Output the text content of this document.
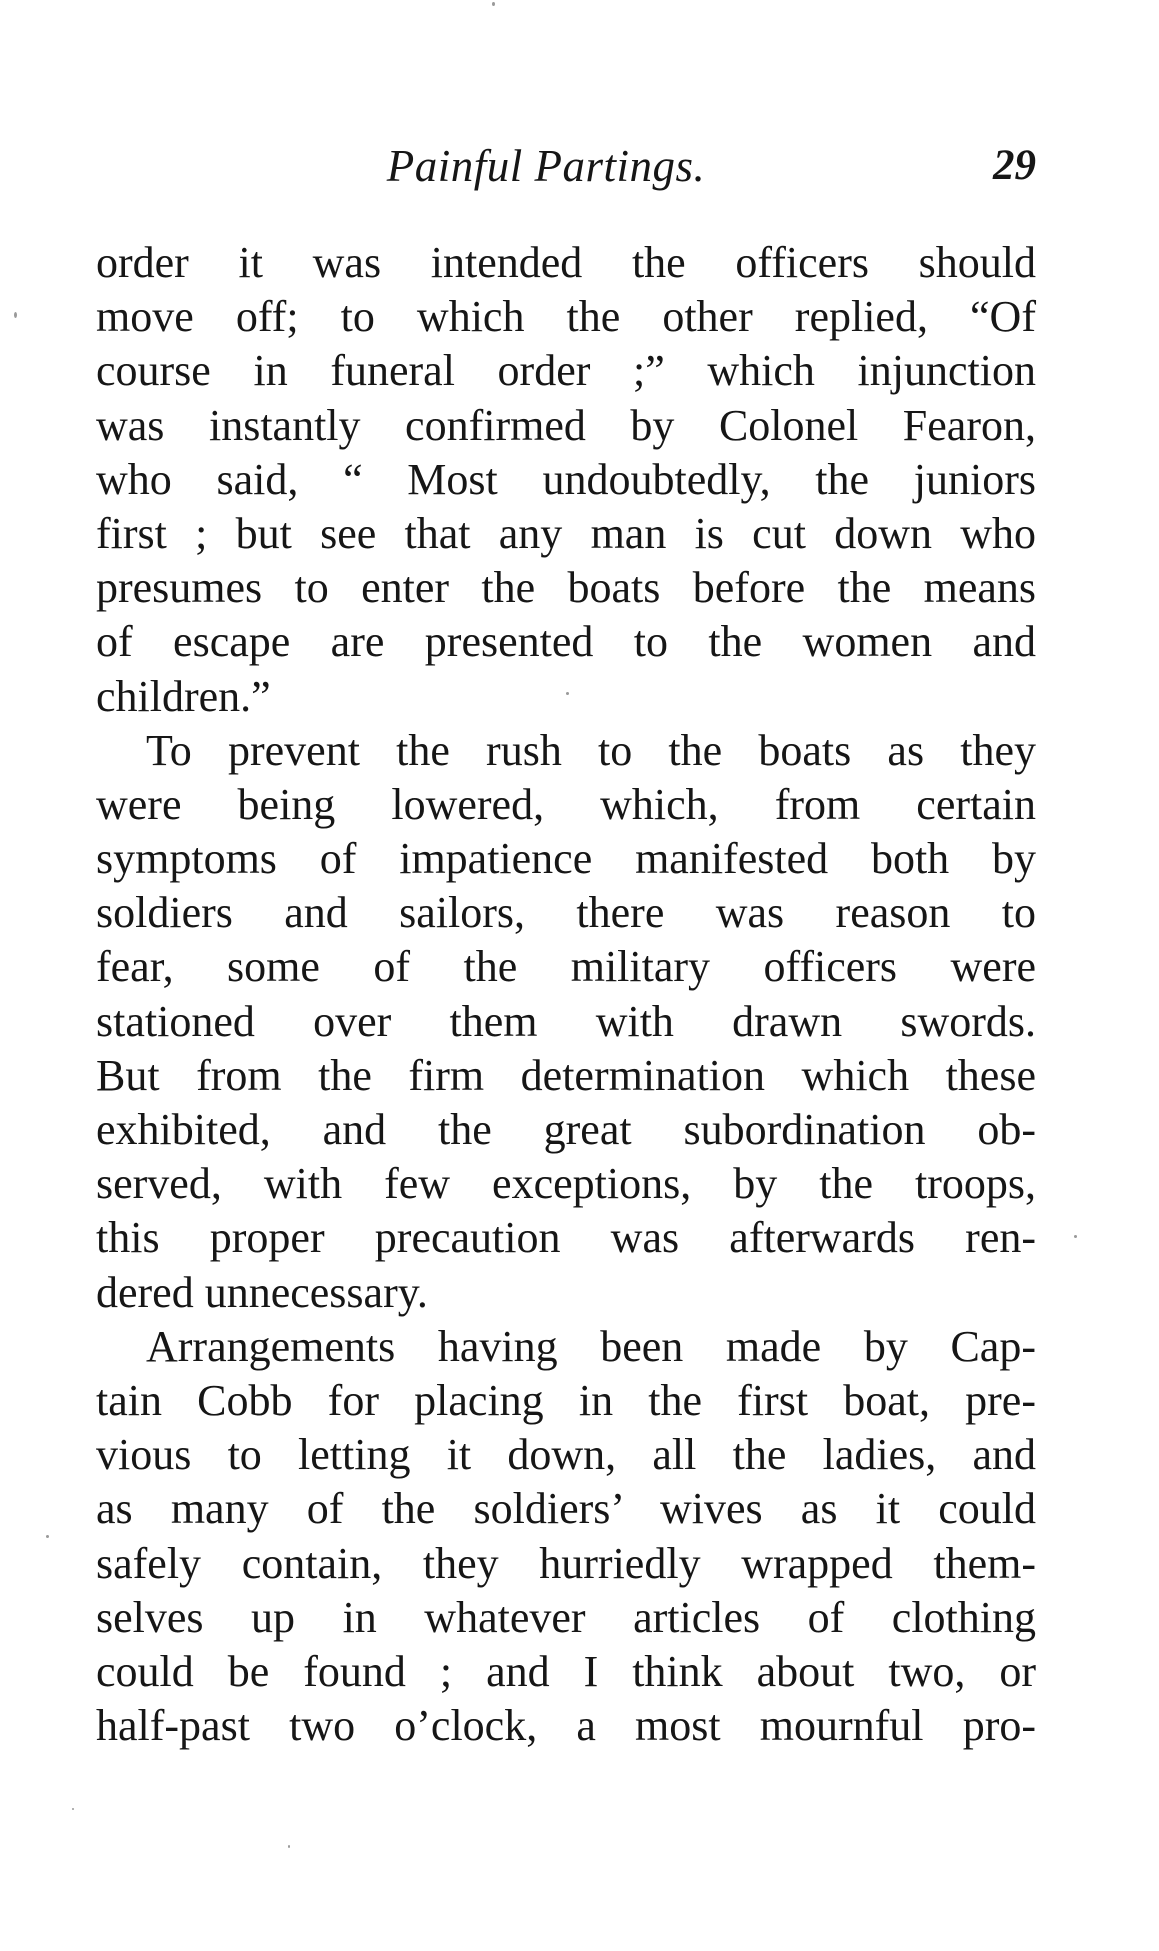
Painful Partings.	29
order it was intended the officers should
move off; to which the other replied, “Of
course in funeral order ;” which injunction
was instantly confirmed by Colonel Fearon,
who said, “ Most undoubtedly, the juniors
first ; but see that any man is cut down who
presumes to enter the boats before the means
of escape are presented to the women and
children.”
To prevent the rush to the boats as they
were being lowered, which, from certain
symptoms of impatience manifested both by
soldiers and sailors, there was reason to
fear, some of the military officers were
stationed over them with drawn swords.
But from the firm determination which these
exhibited, and the great subordination ob-
served, with few exceptions, by the troops,
this proper precaution was afterwards ren-
dered unnecessary.
Arrangements having been made by Cap-
tain Cobb for placing in the first boat, pre-
vious to letting it down, all the ladies, and
as many of the soldiers’ wives as it could
safely contain, they hurriedly wrapped them-
selves up in whatever articles of clothing
could be found ; and I think about two, or
half-past two o’clock, a most mournful pro-
